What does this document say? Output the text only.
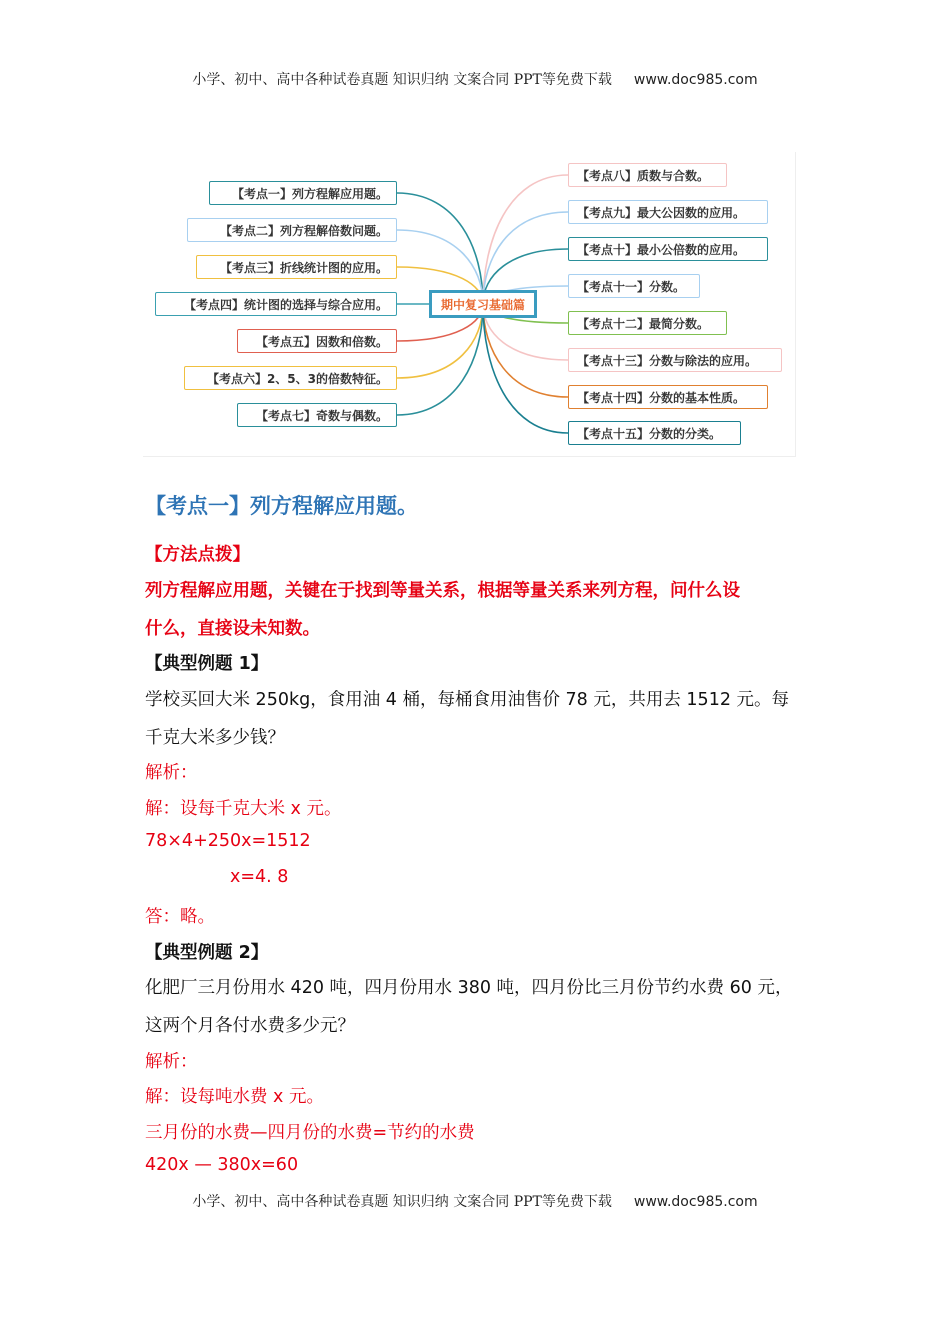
小学、初中、高中各种试卷真题 知识归纳 文案合同 PPT等免费下载 www.doc985.com
【考点一】列方程解应用题。
【考点二】列方程解倍数问题。
【考点三】折线统计图的应用。
【考点四】统计图的选择与综合应用。
【考点五】因数和倍数。
【考点六】2、5、3的倍数特征。
【考点七】奇数与偶数。
【考点八】质数与合数。
【考点九】最大公因数的应用。
【考点十】最小公倍数的应用。
【考点十一】分数。
【考点十二】最简分数。
【考点十三】分数与除法的应用。
【考点十四】分数的基本性质。
【考点十五】分数的分类。
期中复习基础篇
【考点一】列方程解应用题。
【方法点拨】
列方程解应用题，关键在于找到等量关系，根据等量关系来列方程，问什么设
什么，直接设未知数。
【典型例题 1】
学校买回大米 250kg，食用油 4 桶，每桶食用油售价 78 元，共用去 1512 元。每
千克大米多少钱？
解析：
解：设每千克大米 x 元。
78×4+250x=1512
x=4. 8
答：略。
【典型例题 2】
化肥厂三月份用水 420 吨，四月份用水 380 吨，四月份比三月份节约水费 60 元，
这两个月各付水费多少元？
解析：
解：设每吨水费 x 元。
三月份的水费—四月份的水费=节约的水费
420x — 380x=60
小学、初中、高中各种试卷真题 知识归纳 文案合同 PPT等免费下载 www.doc985.com
